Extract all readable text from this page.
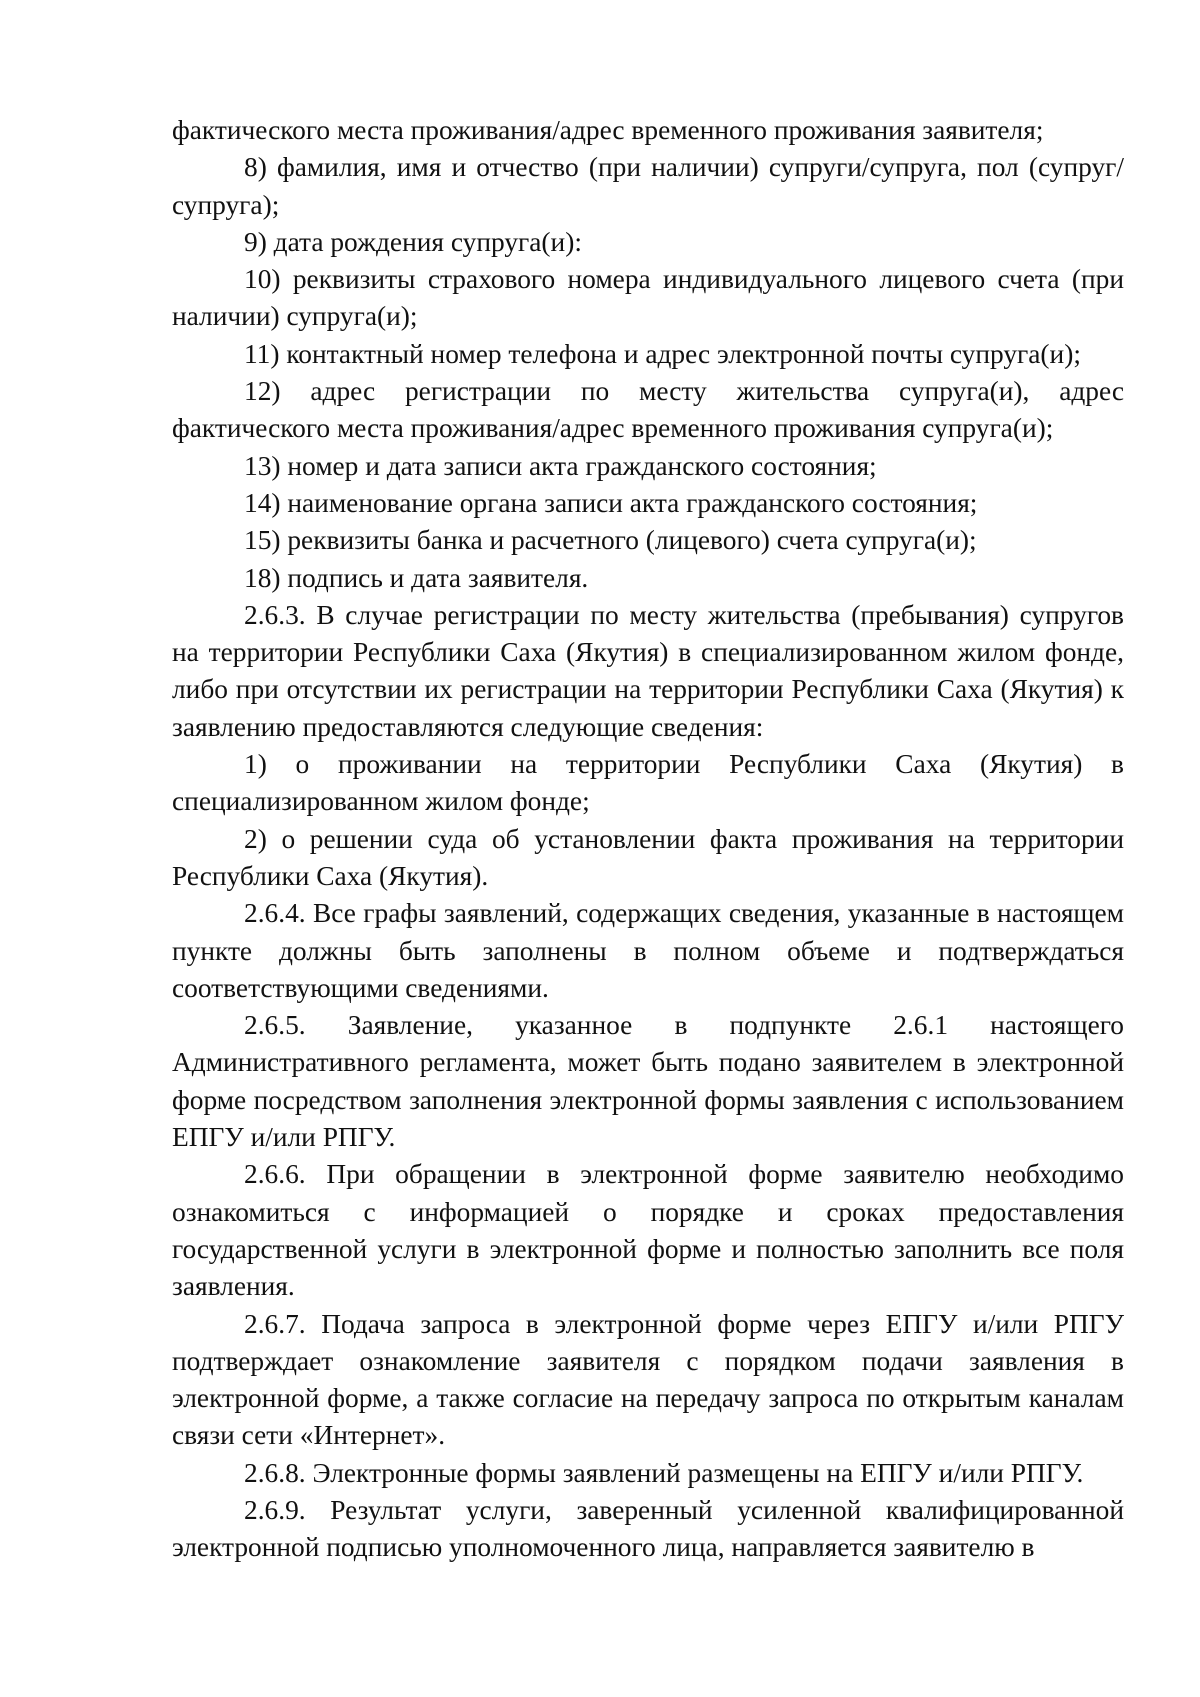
фактического места проживания/адрес временного проживания заявителя;

8) фамилия, имя и отчество (при наличии) супруги/супруга, пол (супруг/супруга);

9) дата рождения супруга(и):

10) реквизиты страхового номера индивидуального лицевого счета (при наличии) супруга(и);

11) контактный номер телефона и адрес электронной почты супруга(и);

12) адрес регистрации по месту жительства супруга(и), адрес фактического места проживания/адрес временного проживания супруга(и);

13) номер и дата записи акта гражданского состояния;

14) наименование органа записи акта гражданского состояния;

15) реквизиты банка и расчетного (лицевого) счета супруга(и);

18) подпись и дата заявителя.

2.6.3. В случае регистрации по месту жительства (пребывания) супругов на территории Республики Саха (Якутия) в специализированном жилом фонде, либо при отсутствии их регистрации на территории Республики Саха (Якутия) к заявлению предоставляются следующие сведения:

1) о проживании на территории Республики Саха (Якутия) в специализированном жилом фонде;

2) о решении суда об установлении факта проживания на территории Республики Саха (Якутия).

2.6.4. Все графы заявлений, содержащих сведения, указанные в настоящем пункте должны быть заполнены в полном объеме и подтверждаться соответствующими сведениями.

2.6.5. Заявление, указанное в подпункте 2.6.1 настоящего Административного регламента, может быть подано заявителем в электронной форме посредством заполнения электронной формы заявления с использованием ЕПГУ и/или РПГУ.

2.6.6. При обращении в электронной форме заявителю необходимо ознакомиться с информацией о порядке и сроках предоставления государственной услуги в электронной форме и полностью заполнить все поля заявления.

2.6.7. Подача запроса в электронной форме через ЕПГУ и/или РПГУ подтверждает ознакомление заявителя с порядком подачи заявления в электронной форме, а также согласие на передачу запроса по открытым каналам связи сети «Интернет».

2.6.8. Электронные формы заявлений размещены на ЕПГУ и/или РПГУ.

2.6.9. Результат услуги, заверенный усиленной квалифицированной электронной подписью уполномоченного лица, направляется заявителю в
